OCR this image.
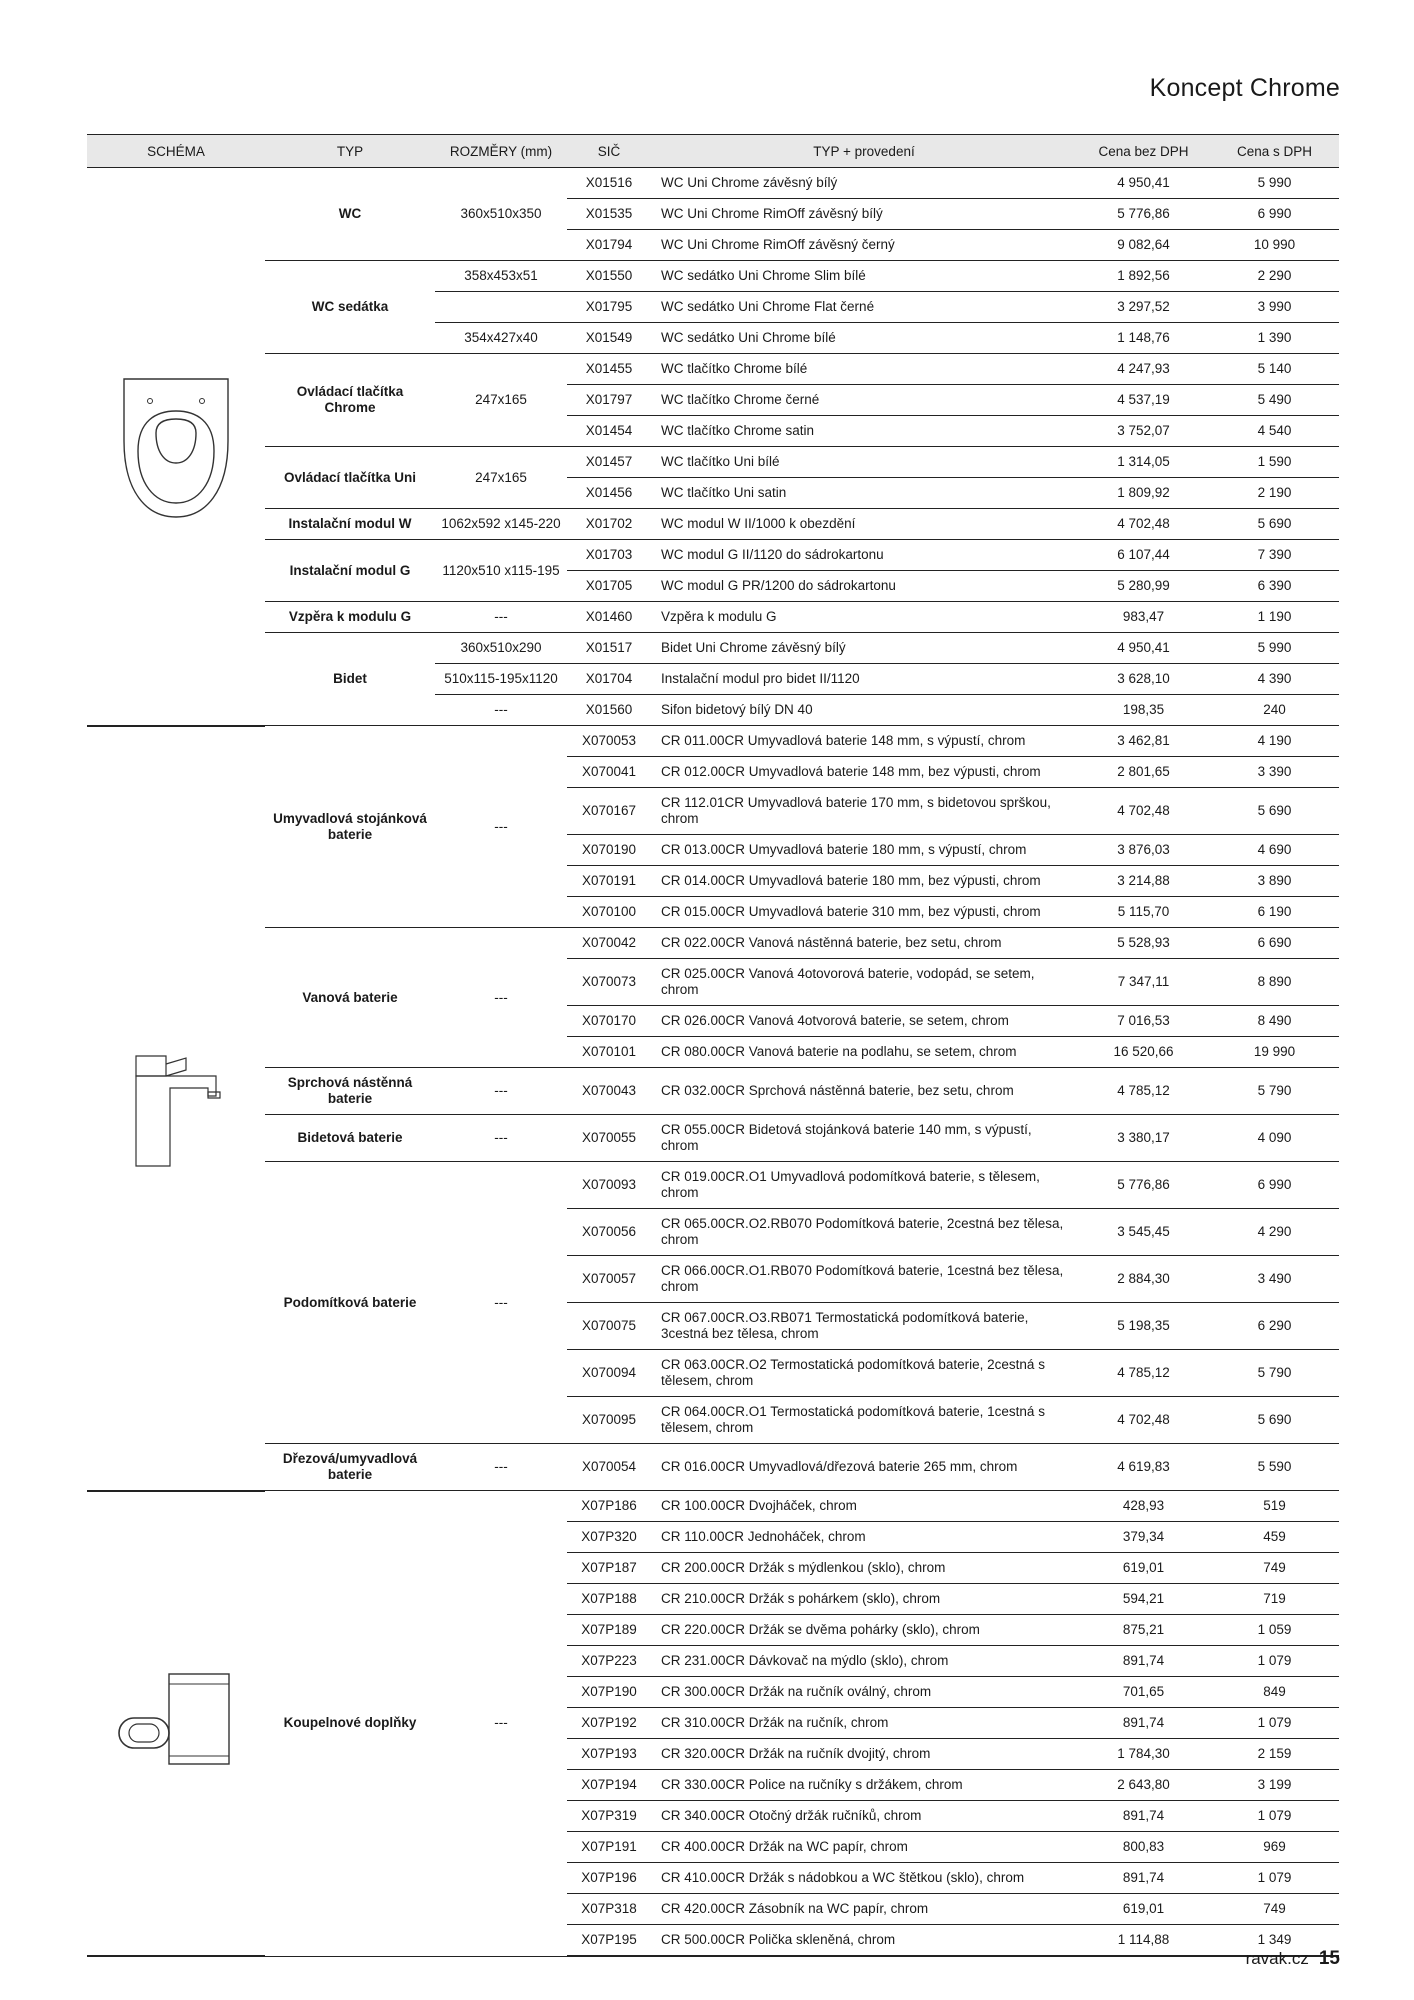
Koncept Chrome
SCHÉMA	TYP	ROZMĚRY (mm)	SIČ	TYP + provedení	Cena bez DPH	Cena s DPH

	WC	360x510x350	X01516	WC Uni Chrome závěsný bílý	4 950,41	5 990
			X01535	WC Uni Chrome RimOff závěsný bílý	5 776,86	6 990
			X01794	WC Uni Chrome RimOff závěsný černý	9 082,64	10 990
	WC sedátka	358x453x51	X01550	WC sedátko Uni Chrome Slim bílé	1 892,56	2 290
			X01795	WC sedátko Uni Chrome Flat černé	3 297,52	3 990
		354x427x40	X01549	WC sedátko Uni Chrome bílé	1 148,76	1 390
	Ovládací tlačítka Chrome	247x165	X01455	WC tlačítko Chrome bílé	4 247,93	5 140
			X01797	WC tlačítko Chrome černé	4 537,19	5 490
			X01454	WC tlačítko Chrome satin	3 752,07	4 540
	Ovládací tlačítka Uni	247x165	X01457	WC tlačítko Uni bílé	1 314,05	1 590
			X01456	WC tlačítko Uni satin	1 809,92	2 190
	Instalační modul W	1062x592 x145-220	X01702	WC modul W II/1000 k obezdění	4 702,48	5 690
	Instalační modul G	1120x510 x115-195	X01703	WC modul G II/1120 do sádrokartonu	6 107,44	7 390
			X01705	WC modul G PR/1200 do sádrokartonu	5 280,99	6 390
	Vzpěra k modulu G	---	X01460	Vzpěra k modulu G	983,47	1 190
	Bidet	360x510x290	X01517	Bidet Uni Chrome závěsný bílý	4 950,41	5 990
		510x115-195x1120	X01704	Instalační modul pro bidet II/1120	3 628,10	4 390
		---	X01560	Sifon bidetový bílý DN 40	198,35	240

	Umyvadlová stojánková baterie	---	X070053	CR 011.00CR Umyvadlová baterie 148 mm, s výpustí, chrom	3 462,81	4 190
			X070041	CR 012.00CR Umyvadlová baterie 148 mm, bez výpusti, chrom	2 801,65	3 390
			X070167	CR 112.01CR Umyvadlová baterie 170 mm, s bidetovou sprškou, chrom	4 702,48	5 690
			X070190	CR 013.00CR Umyvadlová baterie 180 mm, s výpustí, chrom	3 876,03	4 690
			X070191	CR 014.00CR Umyvadlová baterie 180 mm, bez výpusti, chrom	3 214,88	3 890
			X070100	CR 015.00CR Umyvadlová baterie 310 mm, bez výpusti, chrom	5 115,70	6 190
	Vanová baterie	---	X070042	CR 022.00CR Vanová nástěnná baterie, bez setu, chrom	5 528,93	6 690
			X070073	CR 025.00CR Vanová 4otovorová baterie, vodopád, se setem, chrom	7 347,11	8 890
			X070170	CR 026.00CR Vanová 4otvorová baterie, se setem, chrom	7 016,53	8 490
			X070101	CR 080.00CR Vanová baterie na podlahu, se setem, chrom	16 520,66	19 990
	Sprchová nástěnná baterie	---	X070043	CR 032.00CR Sprchová nástěnná baterie, bez setu, chrom	4 785,12	5 790
	Bidetová baterie	---	X070055	CR 055.00CR Bidetová stojánková baterie 140 mm, s výpustí, chrom	3 380,17	4 090
	Podomítková baterie	---	X070093	CR 019.00CR.O1 Umyvadlová podomítková baterie, s tělesem, chrom	5 776,86	6 990
			X070056	CR 065.00CR.O2.RB070 Podomítková baterie, 2cestná bez tělesa, chrom	3 545,45	4 290
			X070057	CR 066.00CR.O1.RB070 Podomítková baterie, 1cestná bez tělesa, chrom	2 884,30	3 490
			X070075	CR 067.00CR.O3.RB071 Termostatická podomítková baterie, 3cestná bez tělesa, chrom	5 198,35	6 290
			X070094	CR 063.00CR.O2 Termostatická podomítková baterie, 2cestná s tělesem, chrom	4 785,12	5 790
			X070095	CR 064.00CR.O1 Termostatická podomítková baterie, 1cestná s tělesem, chrom	4 702,48	5 690
	Dřezová/umyvadlová baterie	---	X070054	CR 016.00CR Umyvadlová/dřezová baterie 265 mm, chrom	4 619,83	5 590

	Koupelnové doplňky	---	X07P186	CR 100.00CR Dvojháček, chrom	428,93	519
			X07P320	CR 110.00CR Jednoháček, chrom	379,34	459
			X07P187	CR 200.00CR Držák s mýdlenkou (sklo), chrom	619,01	749
			X07P188	CR 210.00CR Držák s pohárkem (sklo), chrom	594,21	719
			X07P189	CR 220.00CR Držák se dvěma pohárky (sklo), chrom	875,21	1 059
			X07P223	CR 231.00CR Dávkovač na mýdlo (sklo), chrom	891,74	1 079
			X07P190	CR 300.00CR Držák na ručník oválný, chrom	701,65	849
			X07P192	CR 310.00CR Držák na ručník, chrom	891,74	1 079
			X07P193	CR 320.00CR Držák na ručník dvojitý, chrom	1 784,30	2 159
			X07P194	CR 330.00CR Police na ručníky s držákem, chrom	2 643,80	3 199
			X07P319	CR 340.00CR Otočný držák ručníků, chrom	891,74	1 079
			X07P191	CR 400.00CR Držák na WC papír, chrom	800,83	969
			X07P196	CR 410.00CR Držák s nádobkou a WC štětkou (sklo), chrom	891,74	1 079
			X07P318	CR 420.00CR Zásobník na WC papír, chrom	619,01	749
			X07P195	CR 500.00CR Polička skleněná, chrom	1 114,88	1 349
ravak.cz 15
